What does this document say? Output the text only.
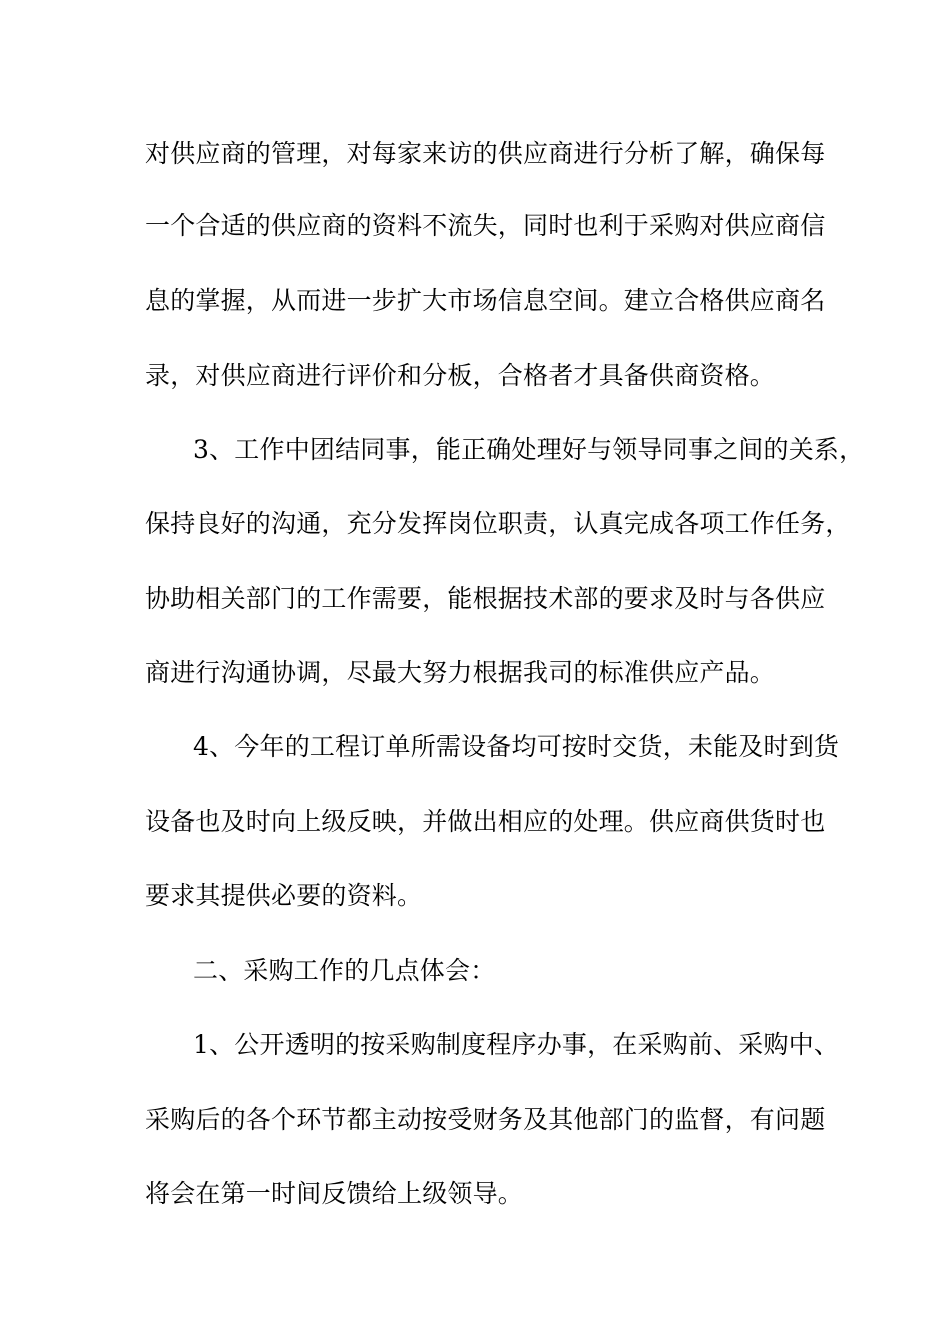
对供应商的管理，对每家来访的供应商进行分析了解，确保每
一个合适的供应商的资料不流失，同时也利于采购对供应商信
息的掌握，从而进一步扩大市场信息空间。建立合格供应商名
录，对供应商进行评价和分板，合格者才具备供商资格。
3、工作中团结同事，能正确处理好与领导同事之间的关系，
保持良好的沟通，充分发挥岗位职责，认真完成各项工作任务，
协助相关部门的工作需要，能根据技术部的要求及时与各供应
商进行沟通协调，尽最大努力根据我司的标准供应产品。
4、今年的工程订单所需设备均可按时交货，未能及时到货
设备也及时向上级反映，并做出相应的处理。供应商供货时也
要求其提供必要的资料。
二、采购工作的几点体会：
1、公开透明的按采购制度程序办事，在采购前、采购中、
采购后的各个环节都主动按受财务及其他部门的监督，有问题
将会在第一时间反馈给上级领导。
